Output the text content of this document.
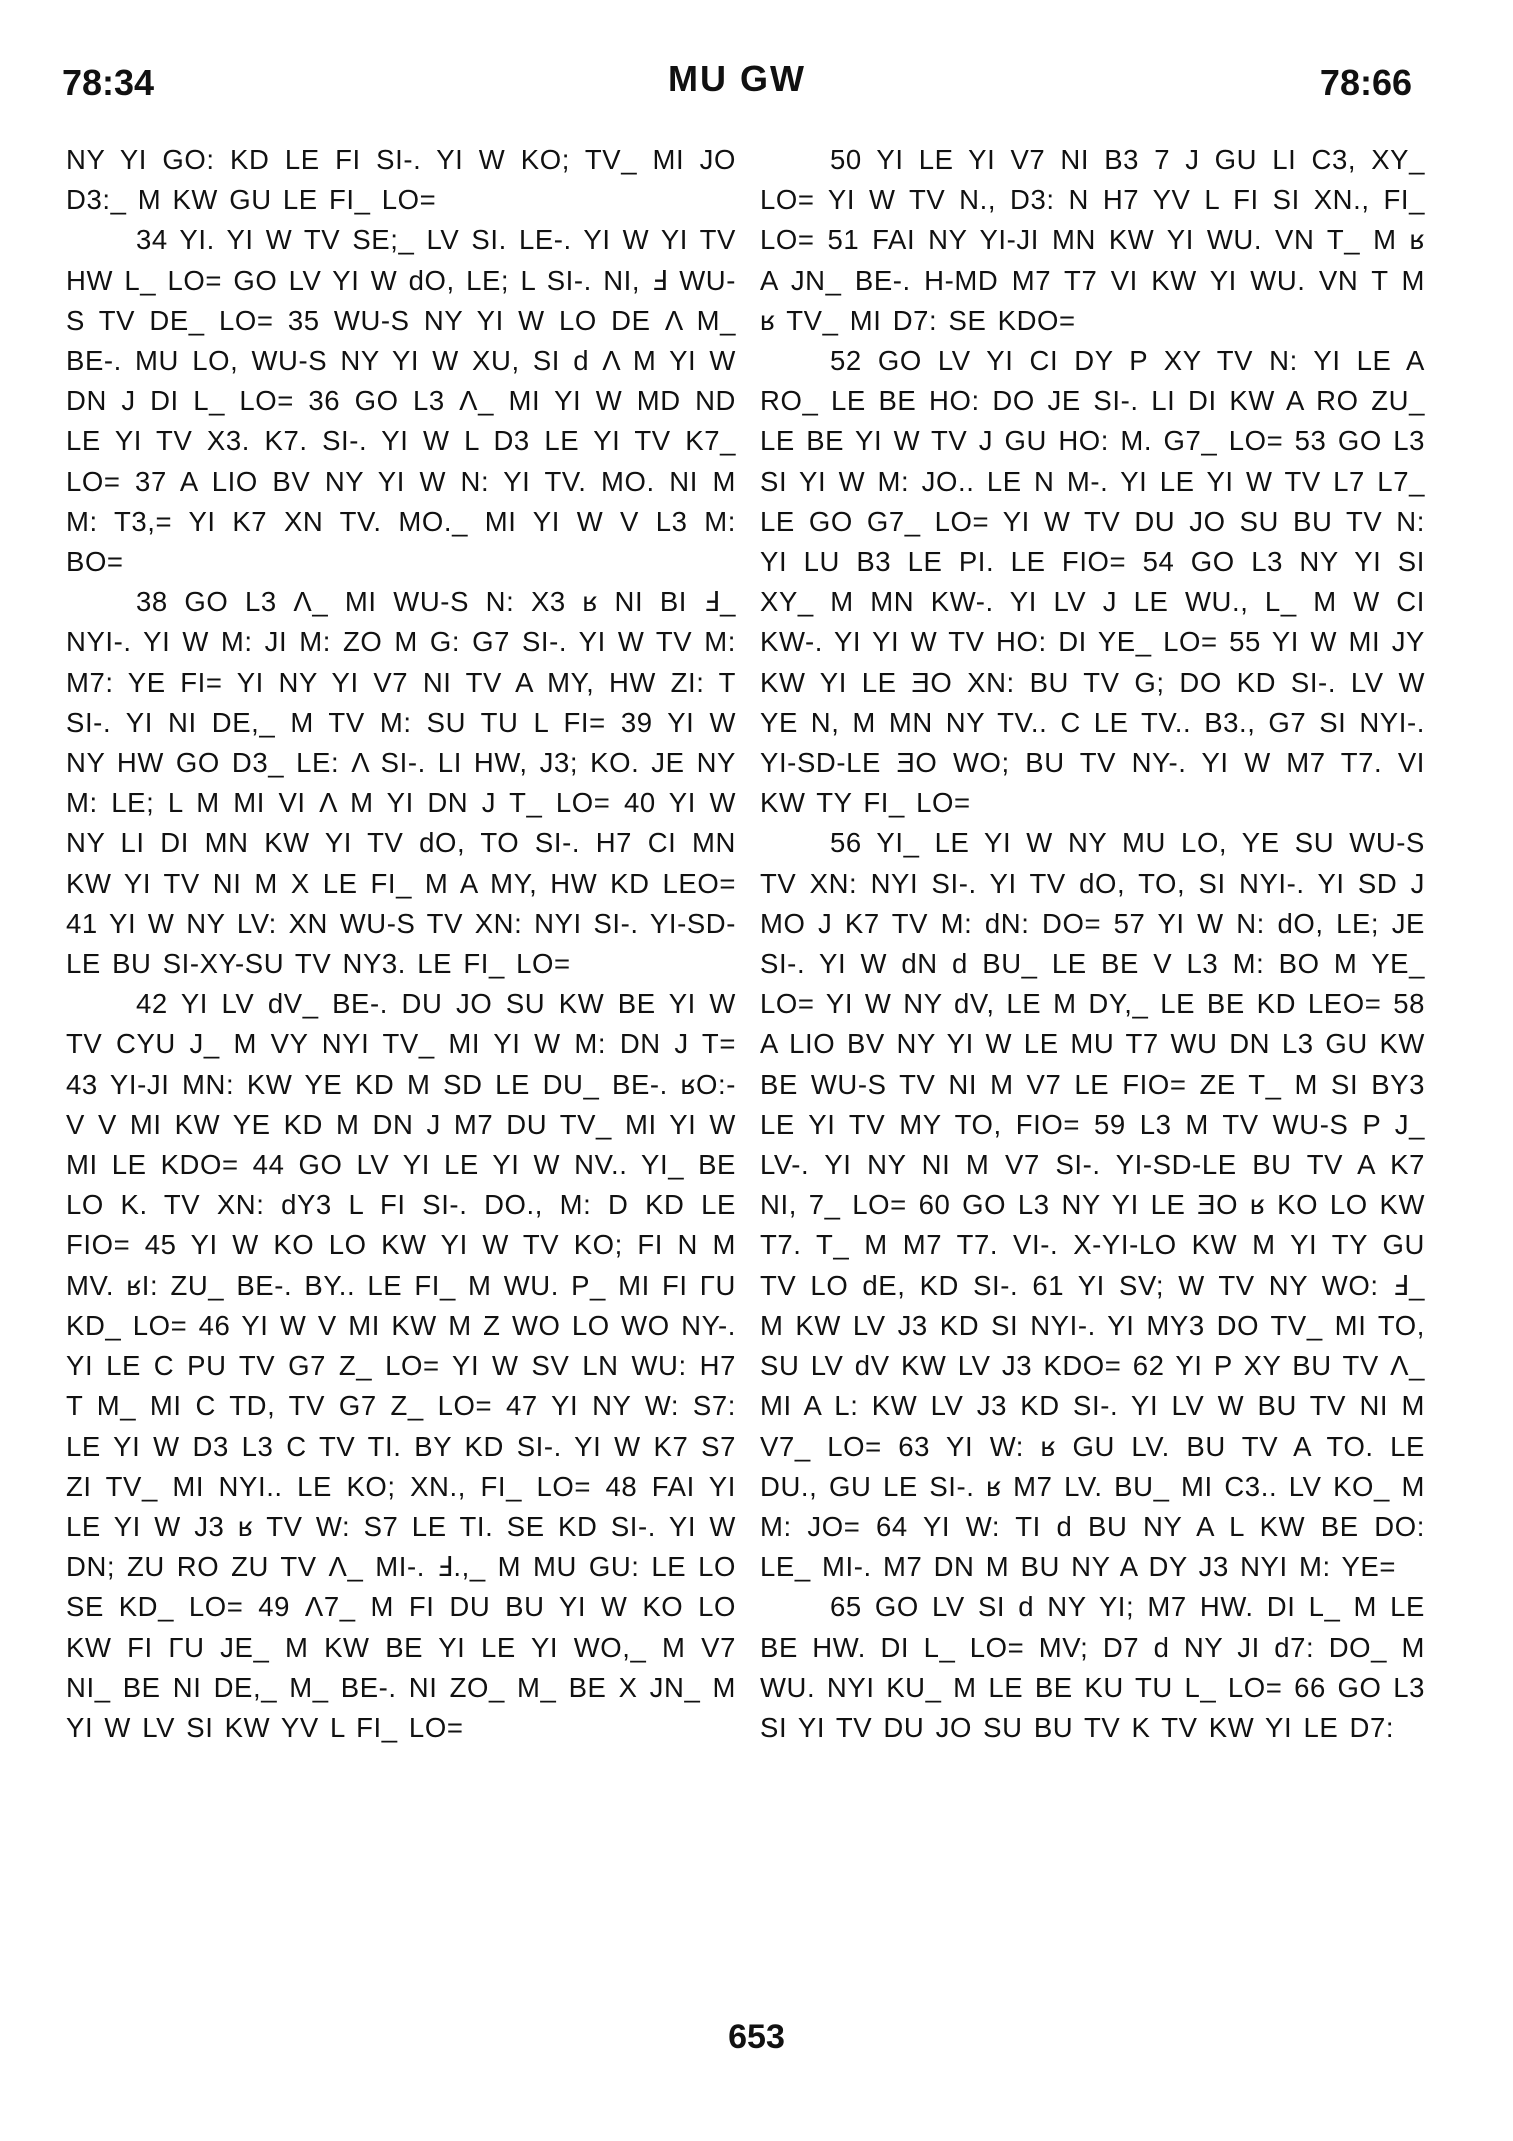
78:34	MU GW	78:66

NY YI GO: KD LE FI SI-. YI W KO; TV_ MI JO D3:_ M KW GU LE FI_ LO=

34 YI. YI W TV SE;_ LV SI. LE-. YI W YI TV HW L_ LO= GO LV YI W dO, LE; L SI-. NI, Ⅎ WU-S TV DE_ LO= 35 WU-S NY YI W LO DE Λ M_ BE-. MU LO, WU-S NY YI W XU, SI d Λ M YI W DN J DI L_ LO= 36 GO L3 Λ_ MI YI W MD ND LE YI TV X3. K7. SI-. YI W L D3 LE YI TV K7_ LO= 37 A LIO BV NY YI W N: YI TV. MO. NI M M: T3,= YI K7 XN TV. MO._ MI YI W V L3 M: BO=

38 GO L3 Λ_ MI WU-S N: X3 ʁ NI BI Ⅎ_ NYI-. YI W M: JI M: ZO M G: G7 SI-. YI W TV M: M7: YE FI= YI NY YI V7 NI TV A MY, HW ZI: T SI-. YI NI DE,_ M TV M: SU TU L FI= 39 YI W NY HW GO D3_ LE: Λ SI-. LI HW, J3; KO. JE NY M: LE; L M MI VI Λ M YI DN J T_ LO= 40 YI W NY LI DI MN KW YI TV dO, TO SI-. H7 CI MN KW YI TV NI M X LE FI_ M A MY, HW KD LEO= 41 YI W NY LV: XN WU-S TV XN: NYI SI-. YI-SD-LE BU SI-XY-SU TV NY3. LE FI_ LO=

42 YI LV dV_ BE-. DU JO SU KW BE YI W TV CYU J_ M VY NYI TV_ MI YI W M: DN J T= 43 YI-JI MN: KW YE KD M SD LE DU_ BE-. ʁO:-V V MI KW YE KD M DN J M7 DU TV_ MI YI W MI LE KDO= 44 GO LV YI LE YI W NV.. YI_ BE LO K. TV XN: dY3 L FI SI-. DO., M: D KD LE FIO= 45 YI W KO LO KW YI W TV KO; FI N M MV. ʁI: ZU_ BE-. BY.. LE FI_ M WU. P_ MI FI ΓU KD_ LO= 46 YI W V MI KW M Z WO LO WO NY-. YI LE C PU TV G7 Z_ LO= YI W SV LN WU: H7 T M_ MI C TD, TV G7 Z_ LO= 47 YI NY W: S7: LE YI W D3 L3 C TV TI. BY KD SI-. YI W K7 S7 ZI TV_ MI NYI.. LE KO; XN., FI_ LO= 48 FAI YI LE YI W J3 ʁ TV W: S7 LE TI. SE KD SI-. YI W DN; ZU RO ZU TV Λ_ MI-. Ⅎ.,_ M MU GU: LE LO SE KD_ LO= 49 Λ7_ M FI DU BU YI W KO LO KW FI ΓU JE_ M KW BE YI LE YI WO,_ M V7 NI_ BE NI DE,_ M_ BE-. NI ZO_ M_ BE X JN_ M YI W LV SI KW YV L FI_ LO=

50 YI LE YI V7 NI B3 7 J GU LI C3, XY_ LO= YI W TV N., D3: N H7 YV L FI SI XN., FI_ LO= 51 FAI NY YI-JI MN KW YI WU. VN T_ M ʁ A JN_ BE-. H-MD M7 T7 VI KW YI WU. VN T M ʁ TV_ MI D7: SE KDO=

52 GO LV YI CI DY P XY TV N: YI LE A RO_ LE BE HO: DO JE SI-. LI DI KW A RO ZU_ LE BE YI W TV J GU HO: M. G7_ LO= 53 GO L3 SI YI W M: JO.. LE N M-. YI LE YI W TV L7 L7_ LE GO G7_ LO= YI W TV DU JO SU BU TV N: YI LU B3 LE PI. LE FIO= 54 GO L3 NY YI SI XY_ M MN KW-. YI LV J LE WU., L_ M W CI KW-. YI YI W TV HO: DI YE_ LO= 55 YI W MI JY KW YI LE ƎO XN: BU TV G; DO KD SI-. LV W YE N, M MN NY TV.. C LE TV.. B3., G7 SI NYI-. YI-SD-LE ƎO WO; BU TV NY-. YI W M7 T7. VI KW TY FI_ LO=

56 YI_ LE YI W NY MU LO, YE SU WU-S TV XN: NYI SI-. YI TV dO, TO, SI NYI-. YI SD J MO J K7 TV M: dN: DO= 57 YI W N: dO, LE; JE SI-. YI W dN d BU_ LE BE V L3 M: BO M YE_ LO= YI W NY dV, LE M DY,_ LE BE KD LEO= 58 A LIO BV NY YI W LE MU T7 WU DN L3 GU KW BE WU-S TV NI M V7 LE FIO= ZE T_ M SI BY3 LE YI TV MY TO, FIO= 59 L3 M TV WU-S P J_ LV-. YI NY NI M V7 SI-. YI-SD-LE BU TV A K7 NI, 7_ LO= 60 GO L3 NY YI LE ƎO ʁ KO LO KW T7. T_ M M7 T7. VI-. X-YI-LO KW M YI TY GU TV LO dE, KD SI-. 61 YI SV; W TV NY WO: Ⅎ_ M KW LV J3 KD SI NYI-. YI MY3 DO TV_ MI TO, SU LV dV KW LV J3 KDO= 62 YI P XY BU TV Λ_ MI A L: KW LV J3 KD SI-. YI LV W BU TV NI M V7_ LO= 63 YI W: ʁ GU LV. BU TV A TO. LE DU., GU LE SI-. ʁ M7 LV. BU_ MI C3.. LV KO_ M M: JO= 64 YI W: TI d BU NY A L KW BE DO: LE_ MI-. M7 DN M BU NY A DY J3 NYI M: YE=

65 GO LV SI d NY YI; M7 HW. DI L_ M LE BE HW. DI L_ LO= MV; D7 d NY JI d7: DO_ M WU. NYI KU_ M LE BE KU TU L_ LO= 66 GO L3 SI YI TV DU JO SU BU TV K TV KW YI LE D7:

653
